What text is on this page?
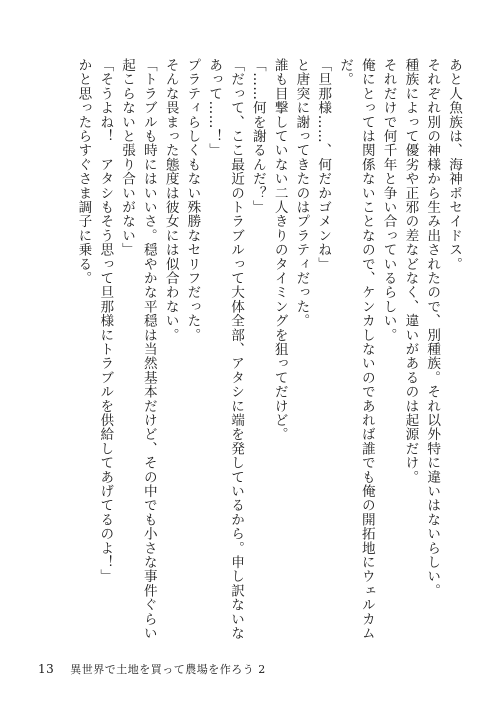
あと人魚族は、海神ポセイドス。

それぞれ別の神様から生み出されたので、別種族。それ以外特に違いはないらしい。

種族によって優劣や正邪の差などなく、違いがあるのは起源だけ。

それだけで何千年と争い合っているらしい。

俺にとっては関係ないことなので、ケンカしないのであれば誰でも俺の開拓地にウェルカムだ。

「旦那様……、何だかゴメンね」

と唐突に謝ってきたのはプラティだった。

誰も目撃していない二人きりのタイミングを狙ってだけど。

「……何を謝るんだ？」

「だって、ここ最近のトラブルって大体全部、アタシに端を発しているから。申し訳ないなあって……！」

プラティらしくもない殊勝なセリフだった。

そんな畏まった態度は彼女には似合わない。

「トラブルも時にはいいさ。穏やかな平穏は当然基本だけど、その中でも小さな事件ぐらい起こらないと張り合いがない」

「そうよね！　アタシもそう思って旦那様にトラブルを供給してあげてるのよ！」

かと思ったらすぐさま調子に乗る。

13 異世界で土地を買って農場を作ろう 2
